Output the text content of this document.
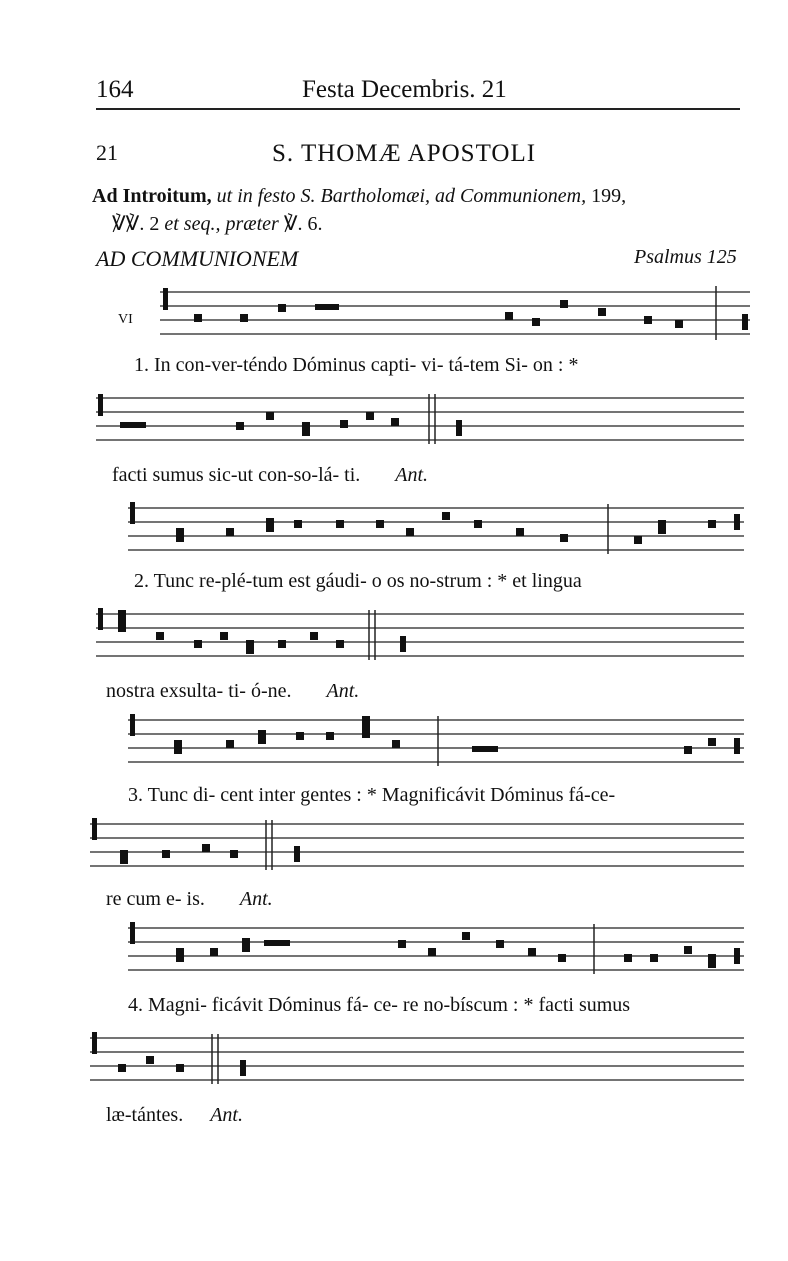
164	Festa Decembris. 21
21	S. THOMÆ APOSTOLI
Ad Introitum, ut in festo S. Bartholomæi, ad Communionem, 199,
℣℣. 2 et seq., præter ℣. 6.
AD COMMUNIONEM	Psalmus 125
VI
1. In con-ver-téndo Dóminus capti- vi- tá-tem Si- on : *
facti sumus sic-ut con-so-lá- ti. Ant.
2. Tunc re-plé-tum est gáudi- o os no-strum : * et lingua
nostra exsulta- ti- ó-ne. Ant.
3. Tunc di- cent inter gentes : * Magnificávit Dóminus fá-ce-
re cum e- is. Ant.
4. Magni- ficávit Dóminus fá- ce- re no-bíscum : * facti sumus
læ-tántes. Ant.
